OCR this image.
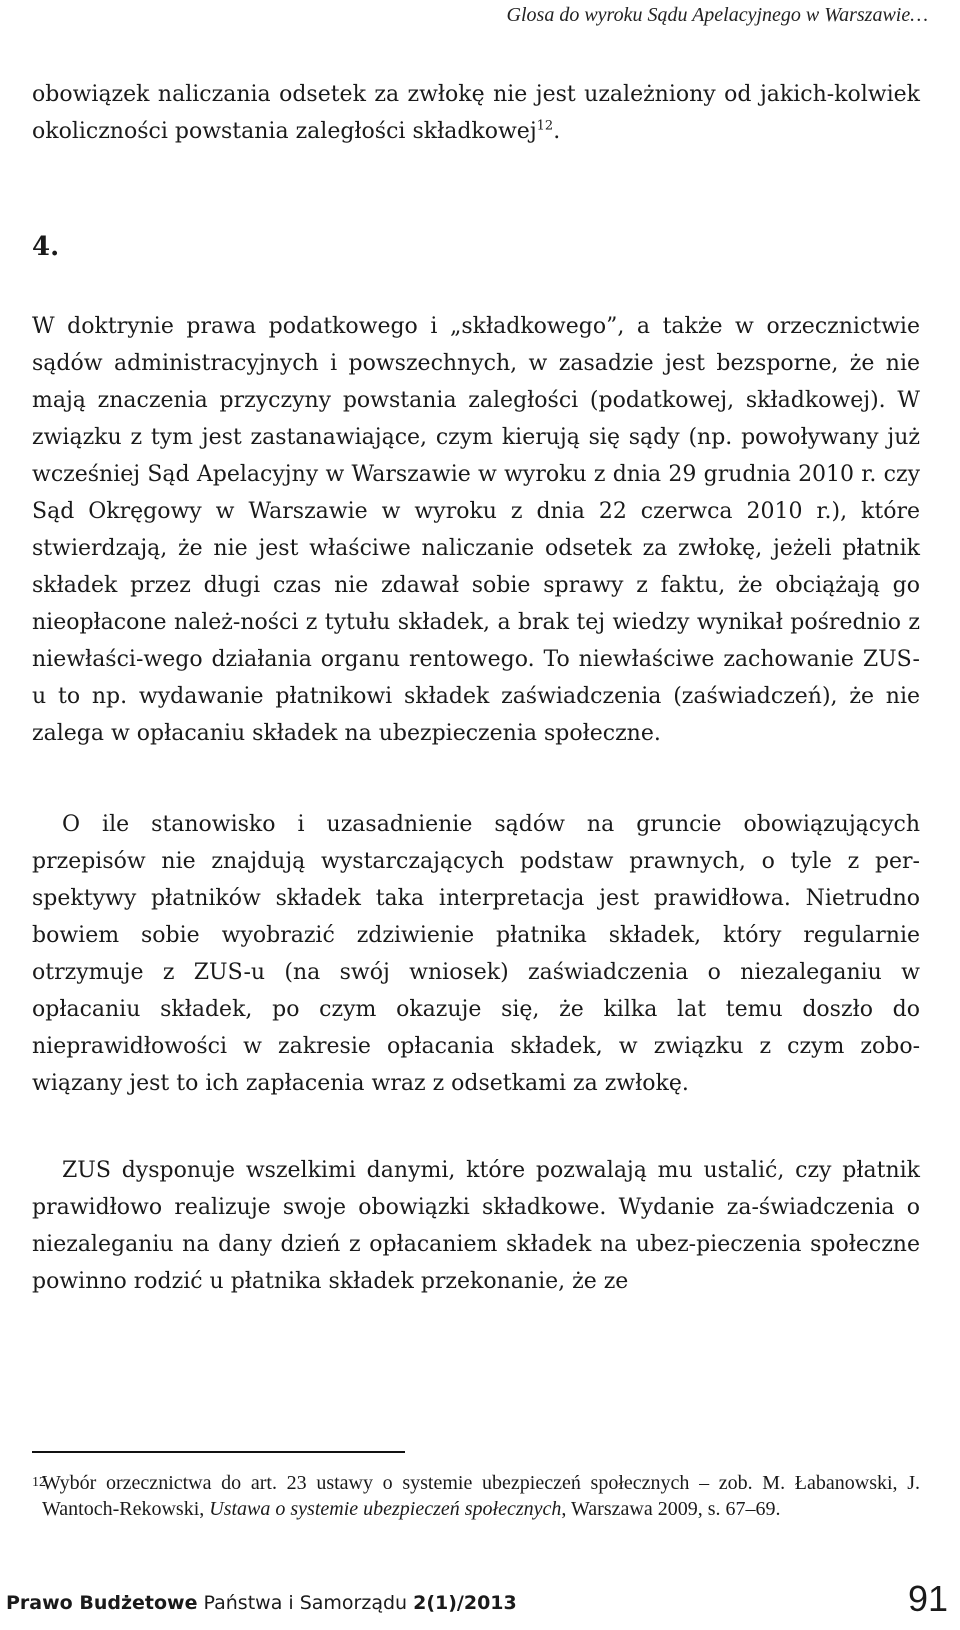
Glosa do wyroku Sądu Apelacyjnego w Warszawie…
obowiązek naliczania odsetek za zwłokę nie jest uzależniony od jakich-kolwiek okoliczności powstania zaległości składkowej$^{12}$.
4.
W doktrynie prawa podatkowego i „składkowego”, a także w orzecznictwie sądów administracyjnych i powszechnych, w zasadzie jest bezsporne, że nie mają znaczenia przyczyny powstania zaległości (podatkowej, składkowej). W związku z tym jest zastanawiające, czym kierują się sądy (np. powoływany już wcześniej Sąd Apelacyjny w Warszawie w wyroku z dnia 29 grudnia 2010 r. czy Sąd Okręgowy w Warszawie w wyroku z dnia 22 czerwca 2010 r.), które stwierdzają, że nie jest właściwe naliczanie odsetek za zwłokę, jeżeli płatnik składek przez długi czas nie zdawał sobie sprawy z faktu, że obciążają go nieopłacone należ-ności z tytułu składek, a brak tej wiedzy wynikał pośrednio z niewłaści-wego działania organu rentowego. To niewłaściwe zachowanie ZUS-u to np. wydawanie płatnikowi składek zaświadczenia (zaświadczeń), że nie zalega w opłacaniu składek na ubezpieczenia społeczne.
O ile stanowisko i uzasadnienie sądów na gruncie obowiązujących przepisów nie znajdują wystarczających podstaw prawnych, o tyle z per-spektywy płatników składek taka interpretacja jest prawidłowa. Nietrudno bowiem sobie wyobrazić zdziwienie płatnika składek, który regularnie otrzymuje z ZUS-u (na swój wniosek) zaświadczenia o niezaleganiu w opłacaniu składek, po czym okazuje się, że kilka lat temu doszło do nieprawidłowości w zakresie opłacania składek, w związku z czym zobo-wiązany jest to ich zapłacenia wraz z odsetkami za zwłokę.
ZUS dysponuje wszelkimi danymi, które pozwalają mu ustalić, czy płatnik prawidłowo realizuje swoje obowiązki składkowe. Wydanie za-świadczenia o niezaleganiu na dany dzień z opłacaniem składek na ubez-pieczenia społeczne powinno rodzić u płatnika składek przekonanie, że ze
12
Wybór orzecznictwa do art. 23 ustawy o systemie ubezpieczeń społecznych – zob. M. Łabanowski, J. Wantoch-Rekowski, Ustawa o systemie ubezpieczeń społecznych, Warszawa 2009, s. 67–69.
Prawo Budżetowe Państwa i Samorządu 2(1)/2013	91
